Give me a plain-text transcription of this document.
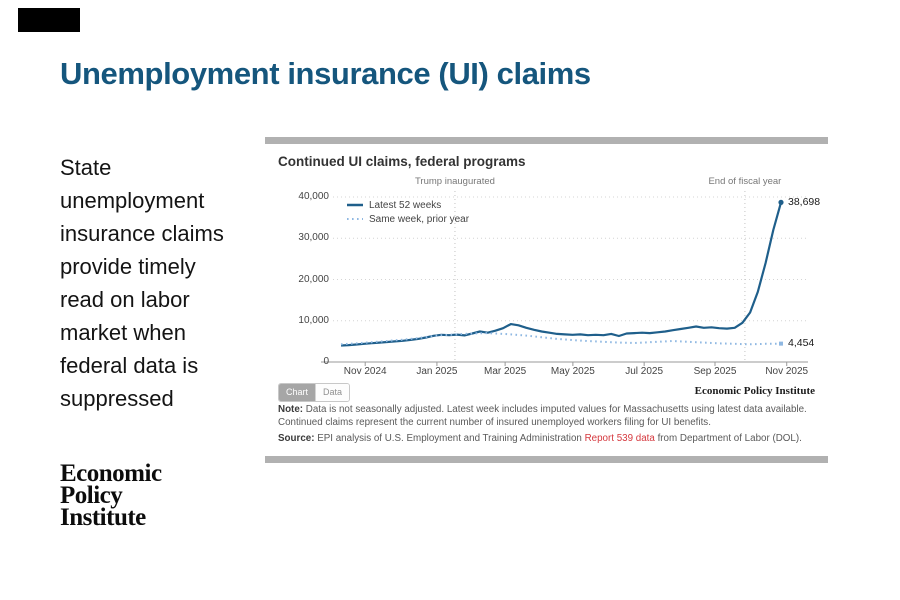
Unemployment insurance (UI) claims

State unemployment insurance claims provide timely read on labor market when federal data is suppressed

Economic
Policy
Institute
Continued UI claims, federal programs
Trump inaugurated	End of fiscal year
0
10,000
20,000
30,000
40,000
Nov 2024	Jan 2025	Mar 2025	May 2025	Jul 2025	Sep 2025	Nov 2025
Latest 52 weeks
Same week, prior year
38,698
4,454
Chart	Data	Economic Policy Institute
Note: Data is not seasonally adjusted. Latest week includes imputed values for Massachusetts using latest data available. Continued claims represent the current number of insured unemployed workers filing for UI benefits.
Source: EPI analysis of U.S. Employment and Training Administration Report 539 data from Department of Labor (DOL).
